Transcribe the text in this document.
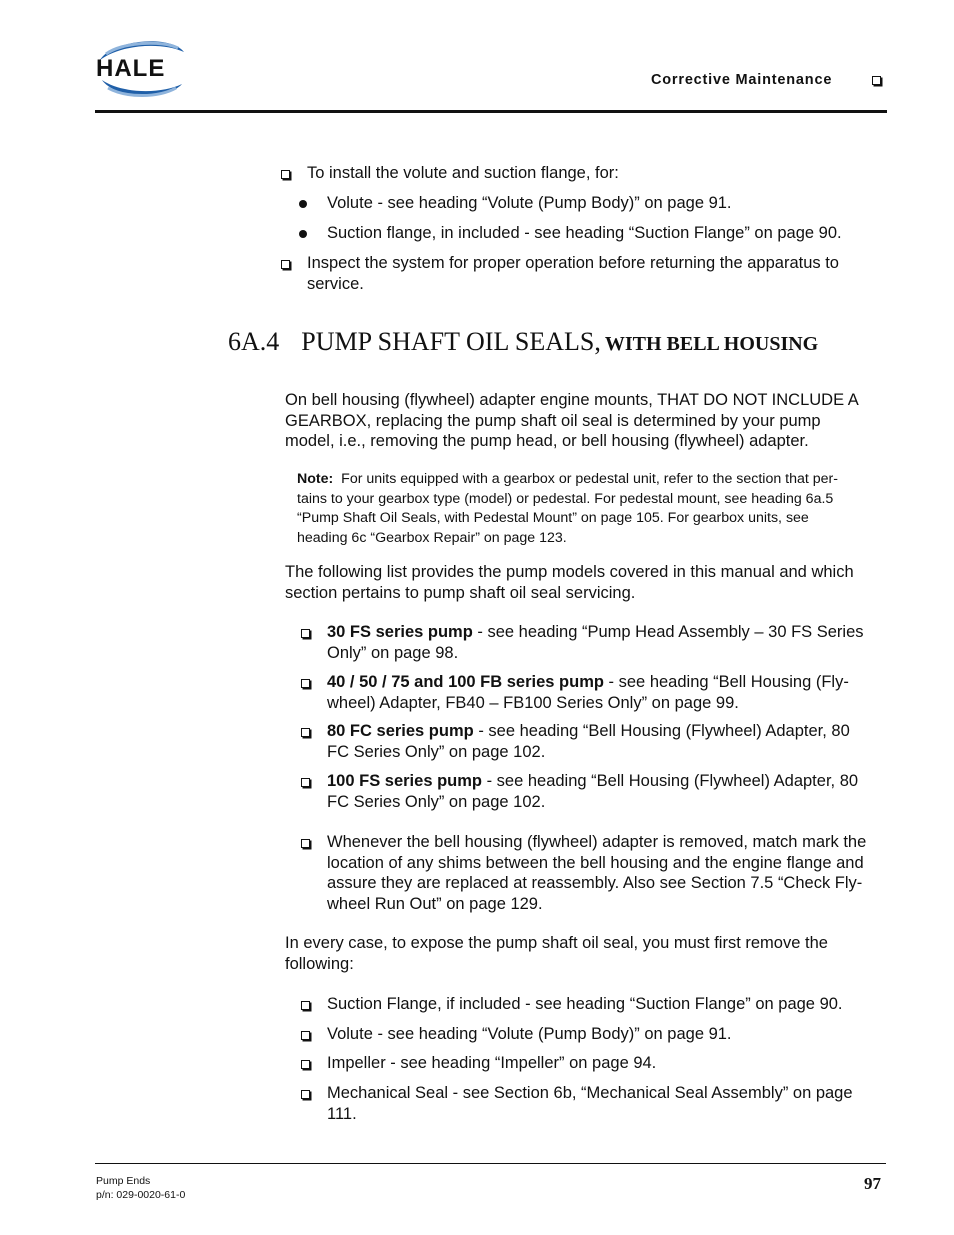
HALE	Corrective Maintenance
To install the volute and suction flange, for:
Volute - see heading “Volute (Pump Body)” on page 91.
Suction flange, in included - see heading “Suction Flange” on page 90.
Inspect the system for proper operation before returning the apparatus to
service.
6A.4 PUMP SHAFT OIL SEALS, WITH BELL HOUSING
On bell housing (flywheel) adapter engine mounts, THAT DO NOT INCLUDE A
GEARBOX, replacing the pump shaft oil seal is determined by your pump
model, i.e., removing the pump head, or bell housing (flywheel) adapter.
Note: For units equipped with a gearbox or pedestal unit, refer to the section that per-
tains to your gearbox type (model) or pedestal. For pedestal mount, see heading 6a.5
“Pump Shaft Oil Seals, with Pedestal Mount” on page 105. For gearbox units, see
heading 6c “Gearbox Repair” on page 123.
The following list provides the pump models covered in this manual and which
section pertains to pump shaft oil seal servicing.
30 FS series pump - see heading “Pump Head Assembly – 30 FS Series
Only” on page 98.
40 / 50 / 75 and 100 FB series pump - see heading “Bell Housing (Fly-
wheel) Adapter, FB40 – FB100 Series Only” on page 99.
80 FC series pump - see heading “Bell Housing (Flywheel) Adapter, 80
FC Series Only” on page 102.
100 FS series pump - see heading “Bell Housing (Flywheel) Adapter, 80
FC Series Only” on page 102.
Whenever the bell housing (flywheel) adapter is removed, match mark the
location of any shims between the bell housing and the engine flange and
assure they are replaced at reassembly. Also see Section 7.5 “Check Fly-
wheel Run Out” on page 129.
In every case, to expose the pump shaft oil seal, you must first remove the
following:
Suction Flange, if included - see heading “Suction Flange” on page 90.
Volute - see heading “Volute (Pump Body)” on page 91.
Impeller - see heading “Impeller” on page 94.
Mechanical Seal - see Section 6b, “Mechanical Seal Assembly” on page
111.
Pump Ends
p/n: 029-0020-61-0
97
